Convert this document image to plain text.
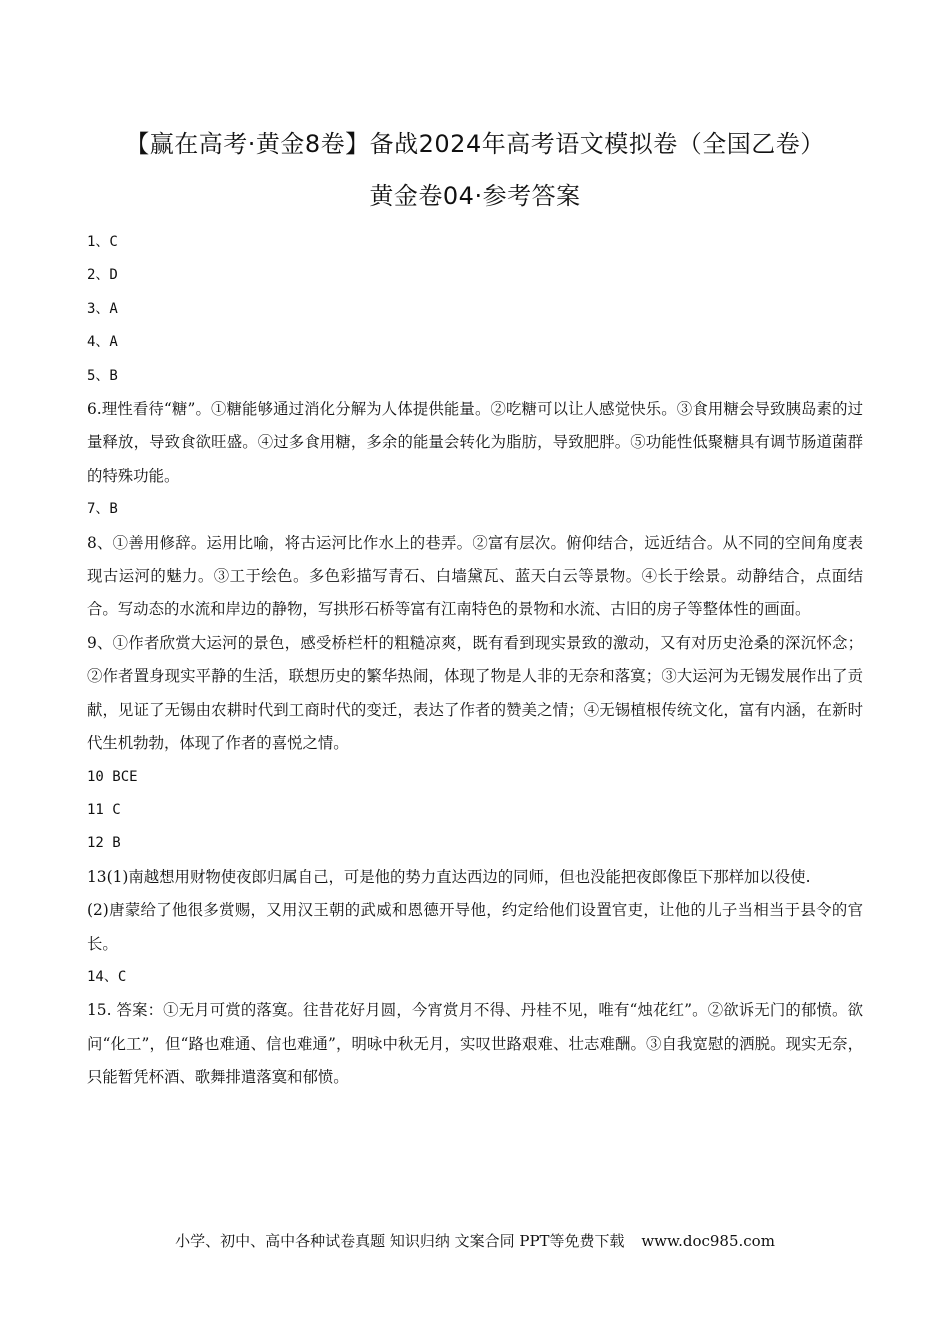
【赢在高考·黄金8卷】备战2024年高考语文模拟卷（全国乙卷）
黄金卷04·参考答案

1、C

2、D

3、A

4、A

5、B

6.理性看待“糖”。①糖能够通过消化分解为人体提供能量。②吃糖可以让人感觉快乐。③食用糖会导致胰岛素的过量释放，导致食欲旺盛。④过多食用糖，多余的能量会转化为脂肪，导致肥胖。⑤功能性低聚糖具有调节肠道菌群的特殊功能。

7、B

8、①善用修辞。运用比喻，将古运河比作水上的巷弄。②富有层次。俯仰结合，远近结合。从不同的空间角度表现古运河的魅力。③工于绘色。多色彩描写青石、白墙黛瓦、蓝天白云等景物。④长于绘景。动静结合，点面结合。写动态的水流和岸边的静物，写拱形石桥等富有江南特色的景物和水流、古旧的房子等整体性的画面。

9、①作者欣赏大运河的景色，感受桥栏杆的粗糙凉爽，既有看到现实景致的激动，又有对历史沧桑的深沉怀念；②作者置身现实平静的生活，联想历史的繁华热闹，体现了物是人非的无奈和落寞；③大运河为无锡发展作出了贡献，见证了无锡由农耕时代到工商时代的变迁，表达了作者的赞美之情；④无锡植根传统文化，富有内涵，在新时代生机勃勃，体现了作者的喜悦之情。

10 BCE

11 C

12 B

13(1)南越想用财物使夜郎归属自己，可是他的势力直达西边的同师，但也没能把夜郎像臣下那样加以役使.

(2)唐蒙给了他很多赏赐，又用汉王朝的武威和恩德开导他，约定给他们设置官吏，让他的儿子当相当于县令的官长。

14、C

15. 答案：①无月可赏的落寞。往昔花好月圆，今宵赏月不得、丹桂不见，唯有“烛花红”。②欲诉无门的郁愤。欲问“化工”，但“路也难通、信也难通”，明咏中秋无月，实叹世路艰难、壮志难酬。③自我宽慰的洒脱。现实无奈，只能暂凭杯酒、歌舞排遣落寞和郁愤。

小学、初中、高中各种试卷真题 知识归纳 文案合同 PPT等免费下载 www.doc985.com
